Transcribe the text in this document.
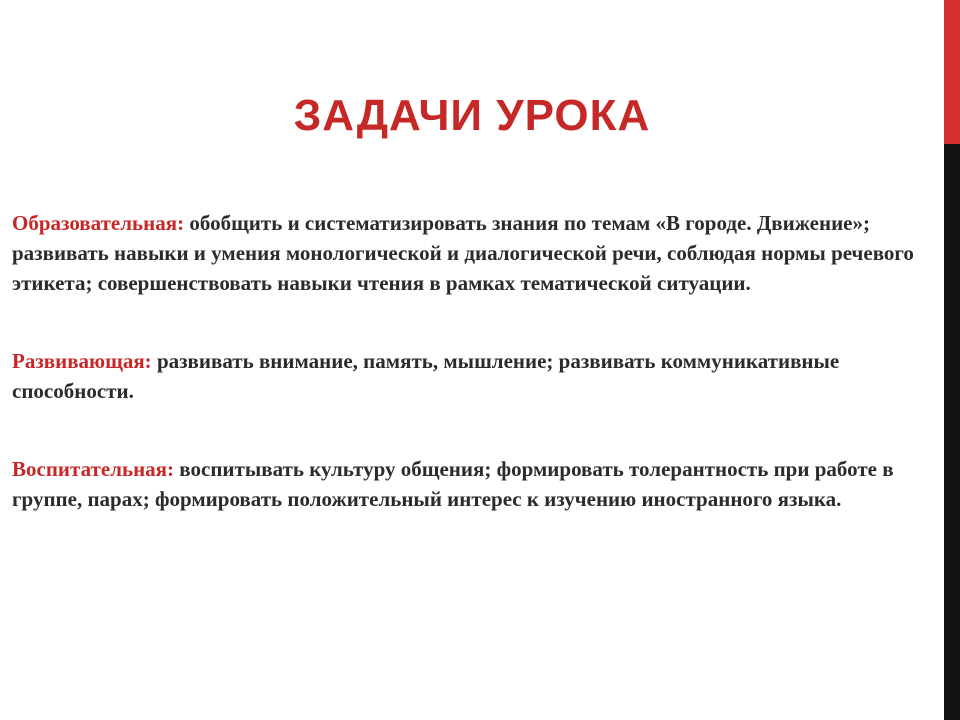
ЗАДАЧИ УРОКА

Образовательная: обобщить и систематизировать знания по темам «В городе. Движение»; развивать навыки и умения монологической и диалогической речи, соблюдая нормы речевого этикета; совершенствовать навыки чтения в рамках тематической ситуации.

Развивающая: развивать внимание, память, мышление; развивать коммуникативные способности.

Воспитательная: воспитывать культуру общения; формировать толерантность при работе в группе, парах; формировать положительный интерес к изучению иностранного языка.
